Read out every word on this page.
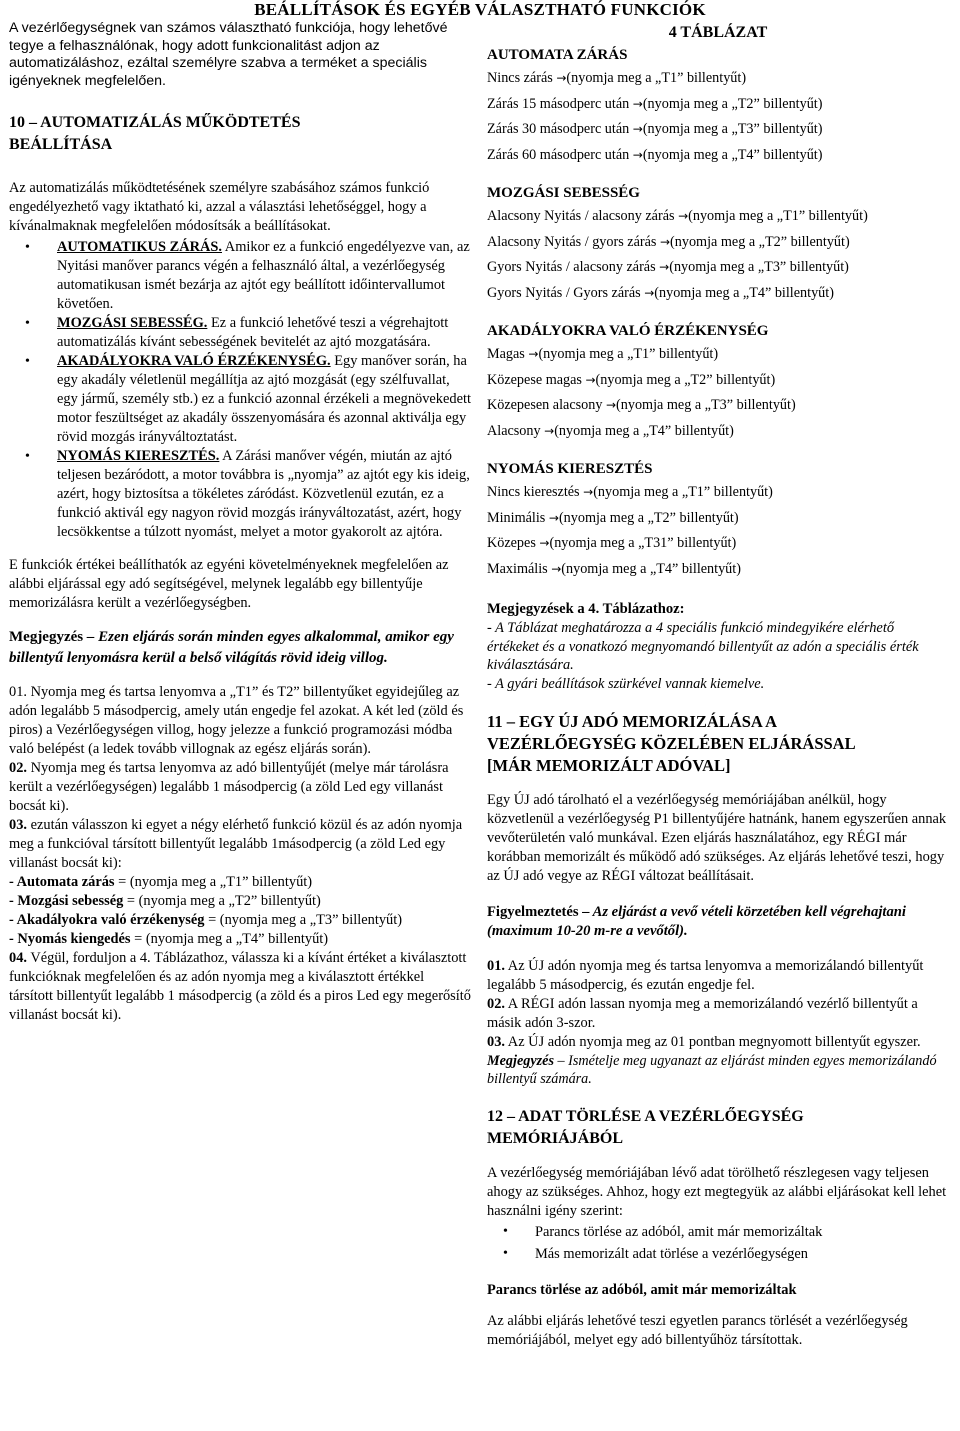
BEÁLLÍTÁSOK ÉS EGYÉB VÁLASZTHATÓ FUNKCIÓK

A vezérlőegységnek van számos választható funkciója, hogy lehetővé tegye a felhasználónak, hogy adott funkcionalitást adjon az automatizáláshoz, ezáltal személyre szabva a terméket a speciális igényeknek megfelelően.

10 – AUTOMATIZÁLÁS MŰKÖDTETÉS
BEÁLLÍTÁSA

Az automatizálás működtetésének személyre szabásához számos funkció engedélyezhető vagy iktatható ki, azzal a választási lehetőséggel, hogy a kívánalmaknak megfelelően módosítsák a beállításokat.

• AUTOMATIKUS ZÁRÁS. Amikor ez a funkció engedélyezve van, az Nyitási manőver parancs végén a felhasználó által, a vezérlőegység automatikusan ismét bezárja az ajtót egy beállított időintervallumot követően.
• MOZGÁSI SEBESSÉG. Ez a funkció lehetővé teszi a végrehajtott automatizálás kívánt sebességének bevitelét az ajtó mozgatására.
• AKADÁLYOKRA VALÓ ÉRZÉKENYSÉG. Egy manőver során, ha egy akadály véletlenül megállítja az ajtó mozgását (egy szélfuvallat, egy jármű, személy stb.) ez a funkció azonnal érzékeli a megnövekedett motor feszültséget az akadály összenyomására és azonnal aktiválja egy rövid mozgás irányváltoztatást.
• NYOMÁS KIERESZTÉS. A Zárási manőver végén, miután az ajtó teljesen bezáródott, a motor továbbra is „nyomja” az ajtót egy kis ideig, azért, hogy biztosítsa a tökéletes záródást. Közvetlenül ezután, ez a funkció aktivál egy nagyon rövid mozgás irányváltozatást, azért, hogy lecsökkentse a túlzott nyomást, melyet a motor gyakorolt az ajtóra.

E funkciók értékei beállíthatók az egyéni követelményeknek megfelelően az alábbi eljárással egy adó segítségével, melynek legalább egy billentyűje memorizálásra került a vezérlőegységben.

Megjegyzés – Ezen eljárás során minden egyes alkalommal, amikor egy billentyű lenyomásra kerül a belső világítás rövid ideig villog.

01. Nyomja meg és tartsa lenyomva a „T1” és T2” billentyűket egyidejűleg az adón legalább 5 másodpercig, amely után engedje fel azokat. A két led (zöld és piros) a Vezérlőegységen villog, hogy jelezze a funkció programozási módba való belépést (a ledek tovább villognak az egész eljárás során).

02. Nyomja meg és tartsa lenyomva az adó billentyűjét (melye már tárolásra került a vezérlőegységen) legalább 1 másodpercig (a zöld Led egy villanást bocsát ki).

03. ezután válasszon ki egyet a négy elérhető funkció közül és az adón nyomja meg a funkcióval társított billentyűt legalább 1másodpercig (a zöld Led egy villanást bocsát ki):

- Automata zárás = (nyomja meg a „T1” billentyűt)

- Mozgási sebesség = (nyomja meg a „T2” billentyűt)

- Akadályokra való érzékenység = (nyomja meg a „T3” billentyűt)

- Nyomás kiengedés = (nyomja meg a „T4” billentyűt)

04. Végül, forduljon a 4. Táblázathoz, válassza ki a kívánt értéket a kiválasztott funkcióknak megfelelően és az adón nyomja meg a kiválasztott értékkel társított billentyűt legalább 1 másodpercig (a zöld és a piros Led egy megerősítő villanást bocsát ki).

4 TÁBLÁZAT
AUTOMATA ZÁRÁS
Nincs zárás →(nyomja meg a „T1” billentyűt)
Zárás 15 másodperc után →(nyomja meg a „T2” billentyűt)
Zárás 30 másodperc után →(nyomja meg a „T3” billentyűt)
Zárás 60 másodperc után →(nyomja meg a „T4” billentyűt)
MOZGÁSI SEBESSÉG
Alacsony Nyitás / alacsony zárás →(nyomja meg a „T1” billentyűt)
Alacsony Nyitás / gyors zárás →(nyomja meg a „T2” billentyűt)
Gyors Nyitás / alacsony zárás →(nyomja meg a „T3” billentyűt)
Gyors Nyitás / Gyors zárás →(nyomja meg a „T4” billentyűt)
AKADÁLYOKRA VALÓ ÉRZÉKENYSÉG
Magas →(nyomja meg a „T1” billentyűt)
Közepese magas →(nyomja meg a „T2” billentyűt)
Közepesen alacsony →(nyomja meg a „T3” billentyűt)
Alacsony →(nyomja meg a „T4” billentyűt)
NYOMÁS KIERESZTÉS
Nincs kieresztés →(nyomja meg a „T1” billentyűt)
Minimális →(nyomja meg a „T2” billentyűt)
Közepes →(nyomja meg a „T31” billentyűt)
Maximális →(nyomja meg a „T4” billentyűt)
Megjegyzések a 4. Táblázathoz:

- A Táblázat meghatározza a 4 speciális funkció mindegyikére elérhető értékeket és a vonatkozó megnyomandó billentyűt az adón a speciális érték kiválasztására.

- A gyári beállítások szürkével vannak kiemelve.

11 – EGY ÚJ ADÓ MEMORIZÁLÁSA A
VEZÉRLŐEGYSÉG KÖZELÉBEN ELJÁRÁSSAL
[MÁR MEMORIZÁLT ADÓVAL]

Egy ÚJ adó tárolható el a vezérlőegység memóriájában anélkül, hogy közvetlenül a vezérlőegység P1 billentyűjére hatnánk, hanem egyszerűen annak vevőterületén való munkával. Ezen eljárás használatához, egy RÉGI már korábban memorizált és működő adó szükséges. Az eljárás lehetővé teszi, hogy az ÚJ adó vegye az RÉGI változat beállításait.

Figyelmeztetés – Az eljárást a vevő vételi körzetében kell végrehajtani (maximum 10-20 m-re a vevőtől).

01. Az ÚJ adón nyomja meg és tartsa lenyomva a memorizálandó billentyűt legalább 5 másodpercig, és ezután engedje fel.

02. A RÉGI adón lassan nyomja meg a memorizálandó vezérlő billentyűt a másik adón 3-szor.

03. Az ÚJ adón nyomja meg az 01 pontban megnyomott billentyűt egyszer.

Megjegyzés – Ismételje meg ugyanazt az eljárást minden egyes memorizálandó billentyű számára.

12 – ADAT TÖRLÉSE A VEZÉRLŐEGYSÉG
MEMÓRIÁJÁBÓL

A vezérlőegység memóriájában lévő adat törölhető részlegesen vagy teljesen ahogy az szükséges. Ahhoz, hogy ezt megtegyük az alábbi eljárásokat kell lehet használni igény szerint:

• Parancs törlése az adóból, amit már memorizáltak
• Más memorizált adat törlése a vezérlőegységen
Parancs törlése az adóból, amit már memorizáltak

Az alábbi eljárás lehetővé teszi egyetlen parancs törlését a vezérlőegység memóriájából, melyet egy adó billentyűhöz társítottak.
